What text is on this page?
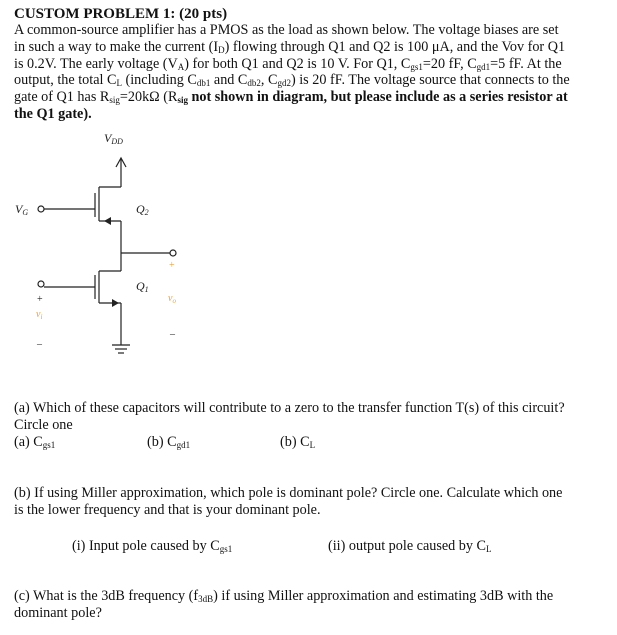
CUSTOM PROBLEM 1: (20 pts)
A common-source amplifier has a PMOS as the load as shown below. The voltage biases are set
in such a way to make the current $(I_D)$ flowing through Q1 and Q2 is 100 μA, and the Vov for Q1
is 0.2V. The early voltage $(V_A)$ for both Q1 and Q2 is 10 V. For Q1, $C_{gs1}=20$ fF, $C_{gd1}=5$ fF. At the
output, the total $C_L$ (including $C_{db1}$ and $C_{db2}$, $C_{gd2}$) is 20 fF. The voltage source that connects to the
gate of Q1 has $R_{sig}=20k\Omega$ ($R_{sig}$ not shown in diagram, but please include as a series resistor at
the Q1 gate).
VDD
VG	Q2
Q1
+
$v_i$
–
+
$v_o$
–
(a) Which of these capacitors will contribute to a zero to the transfer function T(s) of this circuit?
Circle one
(a) $C_{gs1}$	(b) $C_{gd1}$	(b) $C_L$
(b) If using Miller approximation, which pole is dominant pole? Circle one. Calculate which one
is the lower frequency and that is your dominant pole.
(i) Input pole caused by $C_{gs1}$	(ii) output pole caused by $C_L$
(c) What is the 3dB frequency $(f_{3dB})$ if using Miller approximation and estimating 3dB with the
dominant pole?
